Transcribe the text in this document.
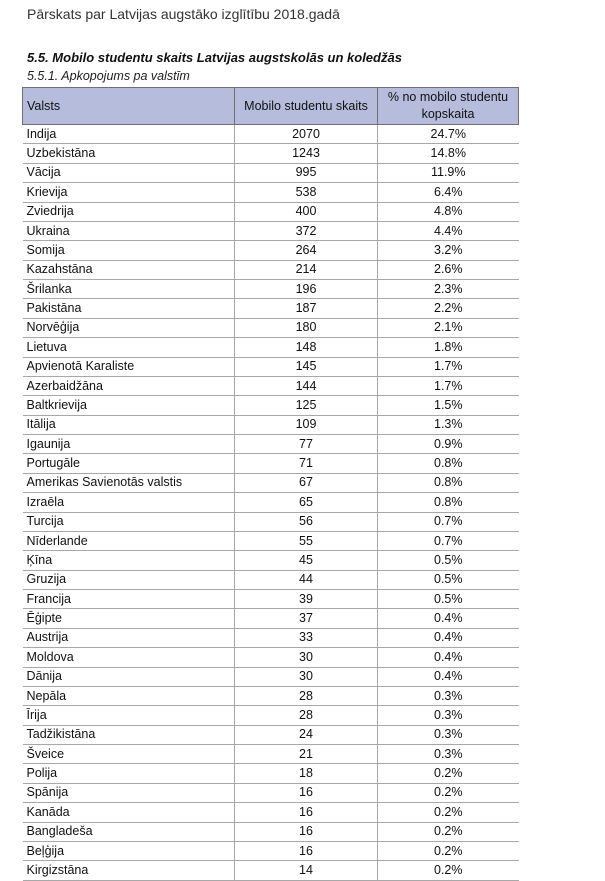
Pārskats par Latvijas augstāko izglītību 2018.gadā
5.5. Mobilo studentu skaits Latvijas augstskolās un koledžās
5.5.1. Apkopojums pa valstīm
Valsts	Mobilo studentu skaits	% no mobilo studentu kopskaita
Indija	2070	24.7%
Uzbekistāna	1243	14.8%
Vācija	995	11.9%
Krievija	538	6.4%
Zviedrija	400	4.8%
Ukraina	372	4.4%
Somija	264	3.2%
Kazahstāna	214	2.6%
Šrilanka	196	2.3%
Pakistāna	187	2.2%
Norvēģija	180	2.1%
Lietuva	148	1.8%
Apvienotā Karaliste	145	1.7%
Azerbaidžāna	144	1.7%
Baltkrievija	125	1.5%
Itālija	109	1.3%
Igaunija	77	0.9%
Portugāle	71	0.8%
Amerikas Savienotās valstis	67	0.8%
Izraēla	65	0.8%
Turcija	56	0.7%
Nīderlande	55	0.7%
Ķīna	45	0.5%
Gruzija	44	0.5%
Francija	39	0.5%
Ēģipte	37	0.4%
Austrija	33	0.4%
Moldova	30	0.4%
Dānija	30	0.4%
Nepāla	28	0.3%
Īrija	28	0.3%
Tadžikistāna	24	0.3%
Šveice	21	0.3%
Polija	18	0.2%
Spānija	16	0.2%
Kanāda	16	0.2%
Bangladeša	16	0.2%
Beļģija	16	0.2%
Kirgizstāna	14	0.2%
